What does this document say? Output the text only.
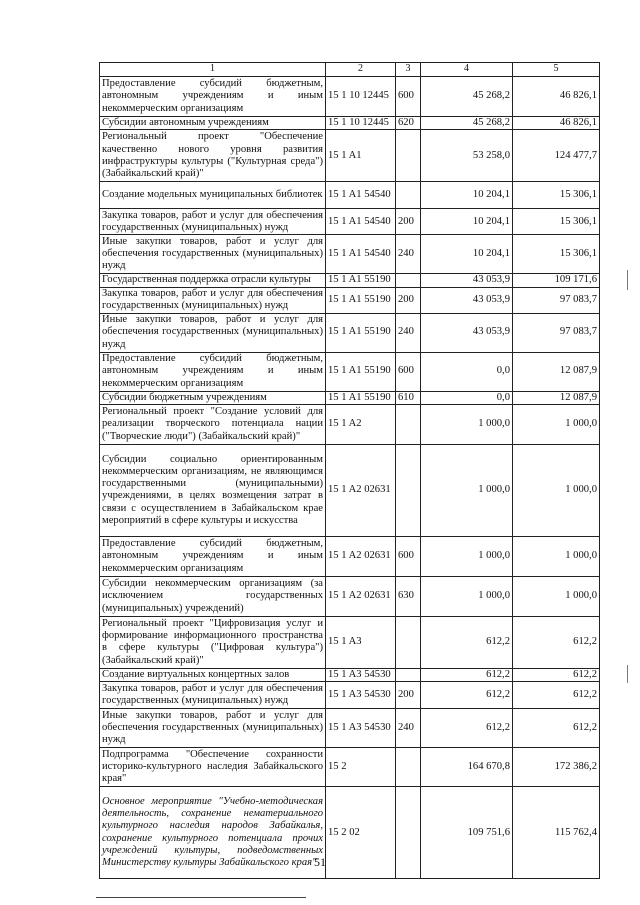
1	2	3	4	5
Предоставление субсидий бюджетным, автономным учреждениям и иным некоммерческим организациям	15 1 10 12445	600	45 268,2	46 826,1
Субсидии автономным учреждениям	15 1 10 12445	620	45 268,2	46 826,1
Региональный проект "Обеспечение качественно нового уровня развития инфраструктуры культуры ("Культурная среда") (Забайкальский край)"	15 1 A1		53 258,0	124 477,7
Создание модельных муниципальных библиотек	15 1 A1 54540		10 204,1	15 306,1
Закупка товаров, работ и услуг для обеспечения государственных (муниципальных) нужд	15 1 A1 54540	200	10 204,1	15 306,1
Иные закупки товаров, работ и услуг для обеспечения государственных (муниципальных) нужд	15 1 A1 54540	240	10 204,1	15 306,1
Государственная поддержка отрасли культуры	15 1 A1 55190		43 053,9	109 171,6
Закупка товаров, работ и услуг для обеспечения государственных (муниципальных) нужд	15 1 A1 55190	200	43 053,9	97 083,7
Иные закупки товаров, работ и услуг для обеспечения государственных (муниципальных) нужд	15 1 A1 55190	240	43 053,9	97 083,7
Предоставление субсидий бюджетным, автономным учреждениям и иным некоммерческим организациям	15 1 A1 55190	600	0,0	12 087,9
Субсидии бюджетным учреждениям	15 1 A1 55190	610	0,0	12 087,9
Региональный проект "Создание условий для реализации творческого потенциала нации ("Творческие люди") (Забайкальский край)"	15 1 A2		1 000,0	1 000,0
Субсидии социально ориентированным некоммерческим организациям, не являющимся государственными (муниципальными) учреждениями, в целях возмещения затрат в связи с осуществлением в Забайкальском крае мероприятий в сфере культуры и искусства	15 1 A2 02631		1 000,0	1 000,0
Предоставление субсидий бюджетным, автономным учреждениям и иным некоммерческим организациям	15 1 A2 02631	600	1 000,0	1 000,0
Субсидии некоммерческим организациям (за исключением государственных (муниципальных) учреждений)	15 1 A2 02631	630	1 000,0	1 000,0
Региональный проект "Цифровизация услуг и формирование информационного пространства в сфере культуры ("Цифровая культура") (Забайкальский край)"	15 1 A3		612,2	612,2
Создание виртуальных концертных залов	15 1 A3 54530		612,2	612,2
Закупка товаров, работ и услуг для обеспечения государственных (муниципальных) нужд	15 1 A3 54530	200	612,2	612,2
Иные закупки товаров, работ и услуг для обеспечения государственных (муниципальных) нужд	15 1 A3 54530	240	612,2	612,2
Подпрограмма "Обеспечение сохранности историко-культурного наследия Забайкальского края"	15 2		164 670,8	172 386,2
Основное мероприятие "Учебно-методическая деятельность, сохранение нематериального культурного наследия народов Забайкалья, сохранение культурного потенциала прочих учреждений культуры, подведомственных Министерству культуры Забайкальского края"	15 2 02		109 751,6	115 762,4
51
